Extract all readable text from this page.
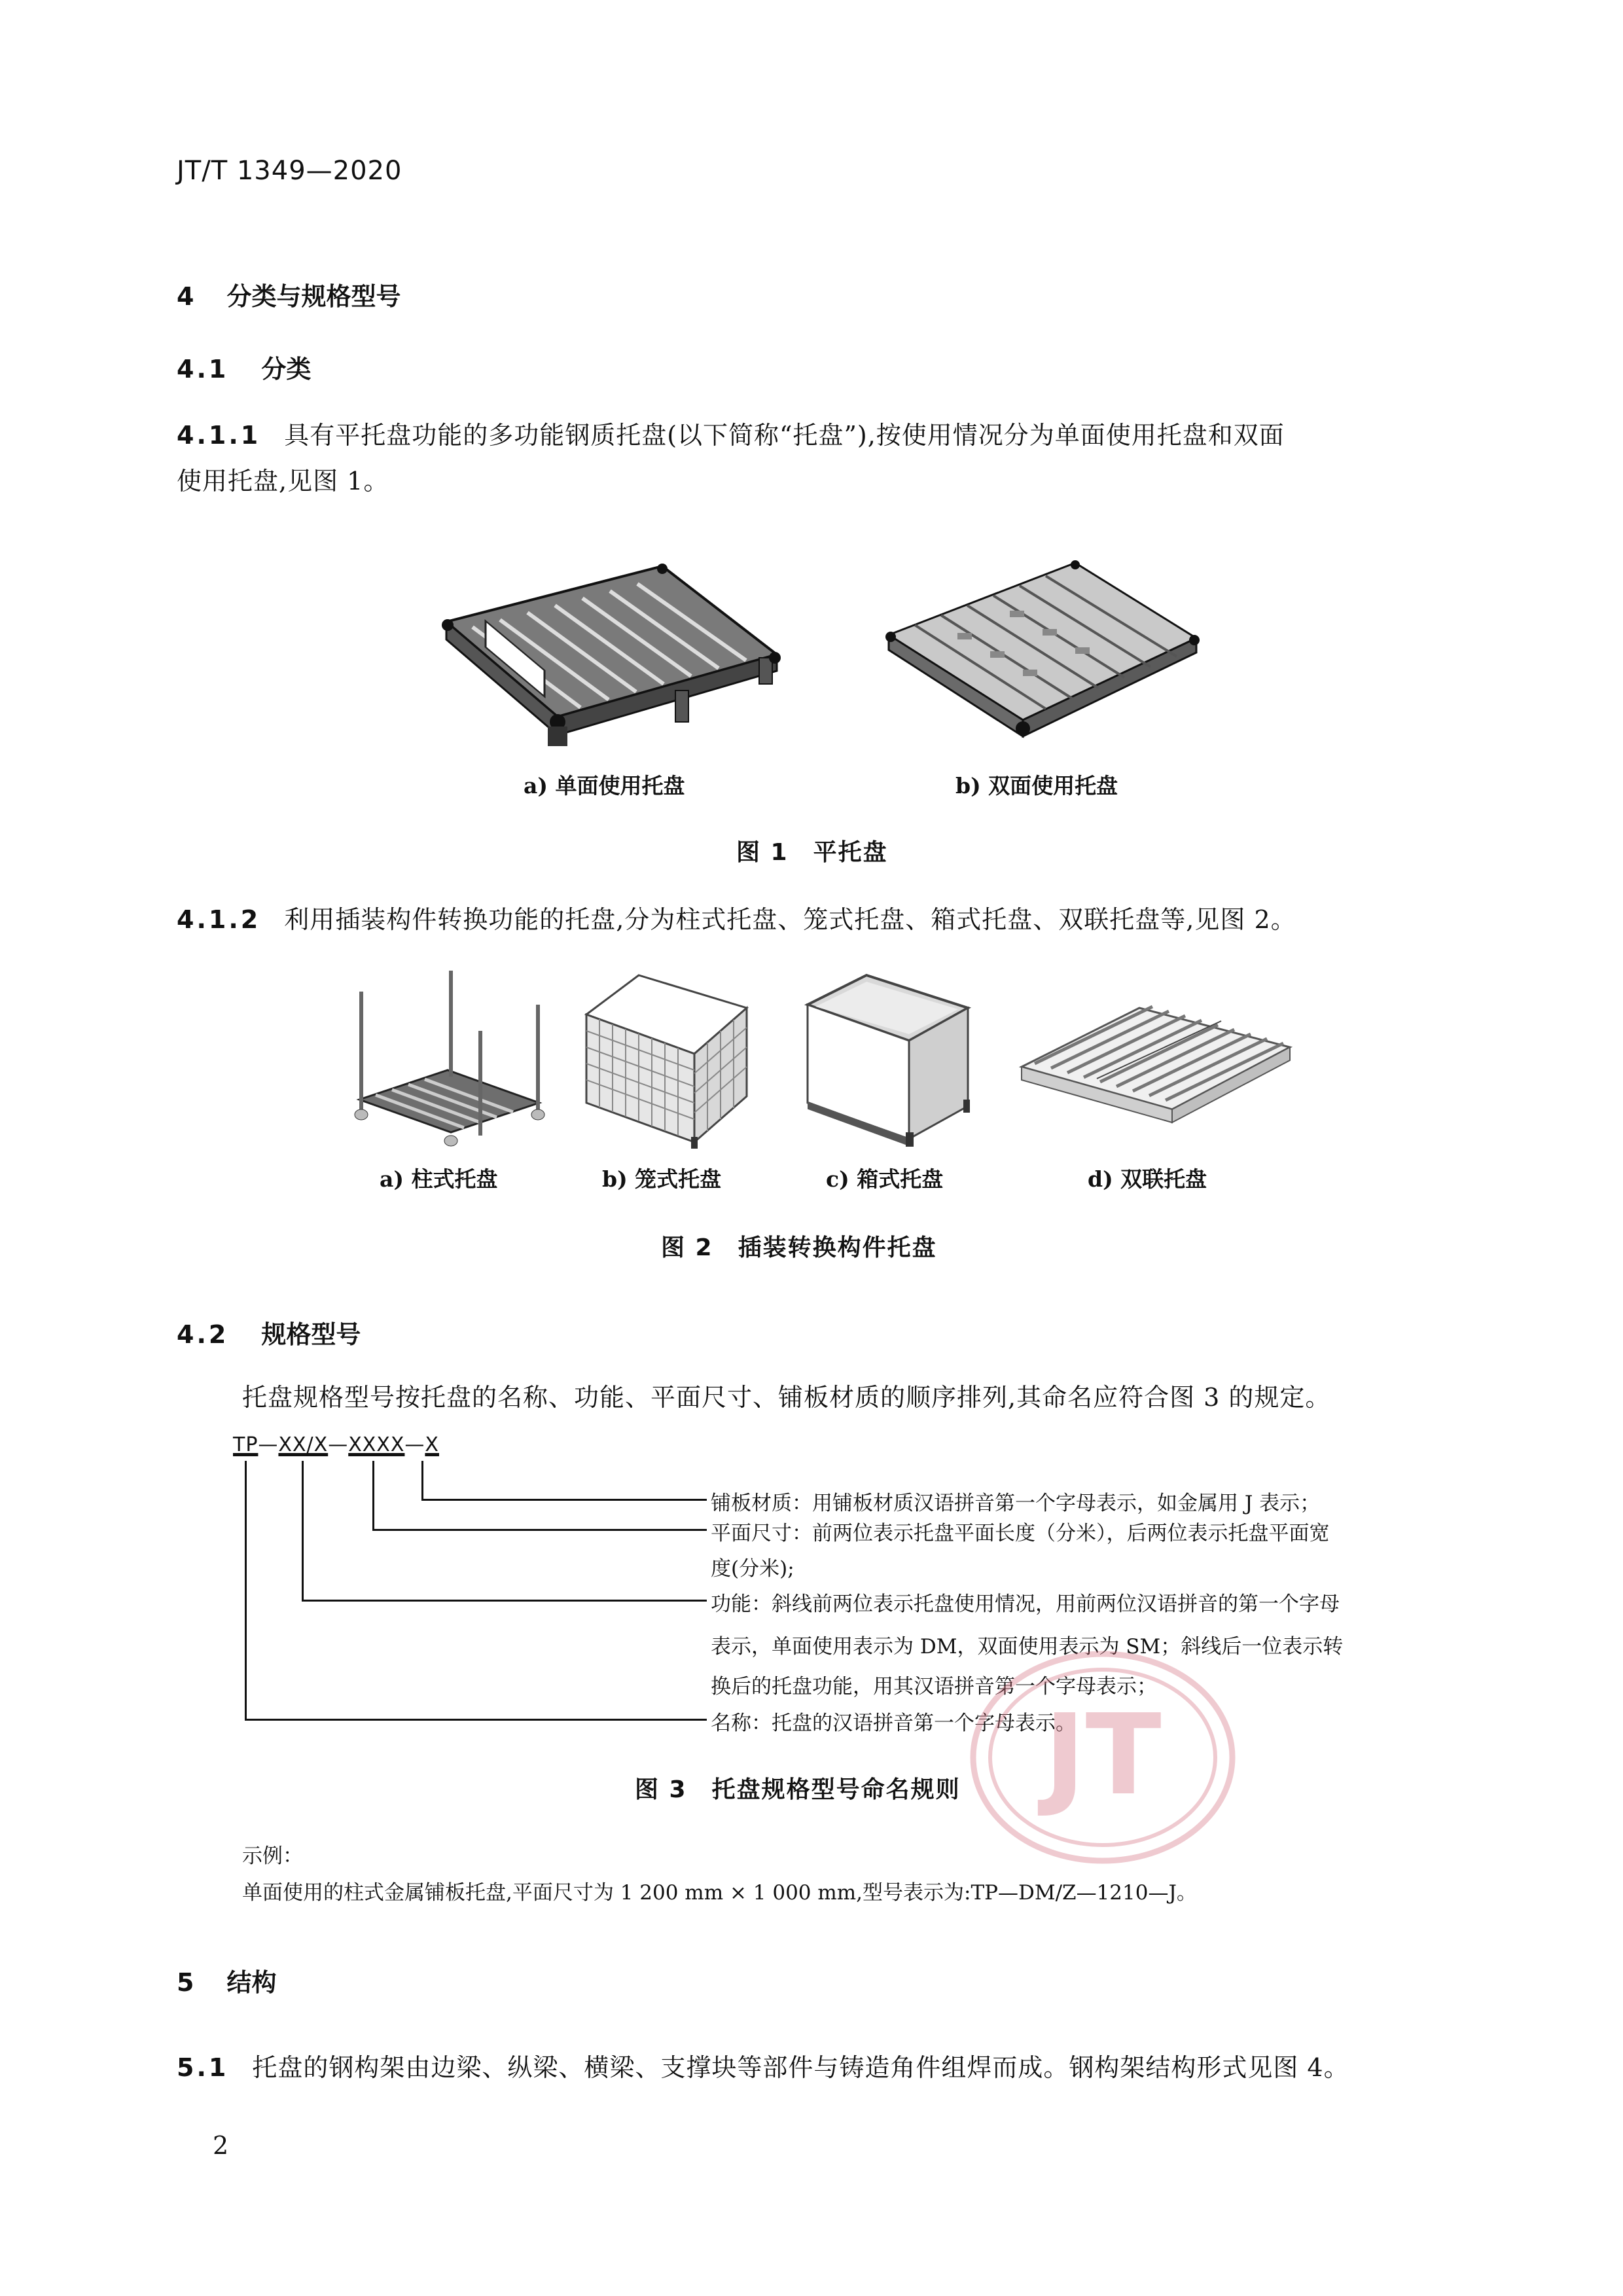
JT/T 1349—2020
4 分类与规格型号
4.1 分类
4.1.1 具有平托盘功能的多功能钢质托盘(以下简称“托盘”),按使用情况分为单面使用托盘和双面
使用托盘,见图 1。
a) 单面使用托盘	b) 双面使用托盘
图 1　平托盘
4.1.2 利用插装构件转换功能的托盘,分为柱式托盘、笼式托盘、箱式托盘、双联托盘等,见图 2。
a) 柱式托盘	b) 笼式托盘	c) 箱式托盘	d) 双联托盘
图 2　插装转换构件托盘
4.2 规格型号
托盘规格型号按托盘的名称、功能、平面尺寸、铺板材质的顺序排列,其命名应符合图 3 的规定。
TP—XX/X—XXXX—X
铺板材质：用铺板材质汉语拼音第一个字母表示，如金属用 J 表示；
平面尺寸：前两位表示托盘平面长度（分米），后两位表示托盘平面宽
度(分米);
功能：斜线前两位表示托盘使用情况，用前两位汉语拼音的第一个字母
表示，单面使用表示为 DM，双面使用表示为 SM；斜线后一位表示转
换后的托盘功能，用其汉语拼音第一个字母表示；
名称：托盘的汉语拼音第一个字母表示。
JT
图 3　托盘规格型号命名规则
示例：
单面使用的柱式金属铺板托盘,平面尺寸为 1 200 mm × 1 000 mm,型号表示为:TP—DM/Z—1210—J。
5 结构
5.1 托盘的钢构架由边梁、纵梁、横梁、支撑块等部件与铸造角件组焊而成。钢构架结构形式见图 4。
2
